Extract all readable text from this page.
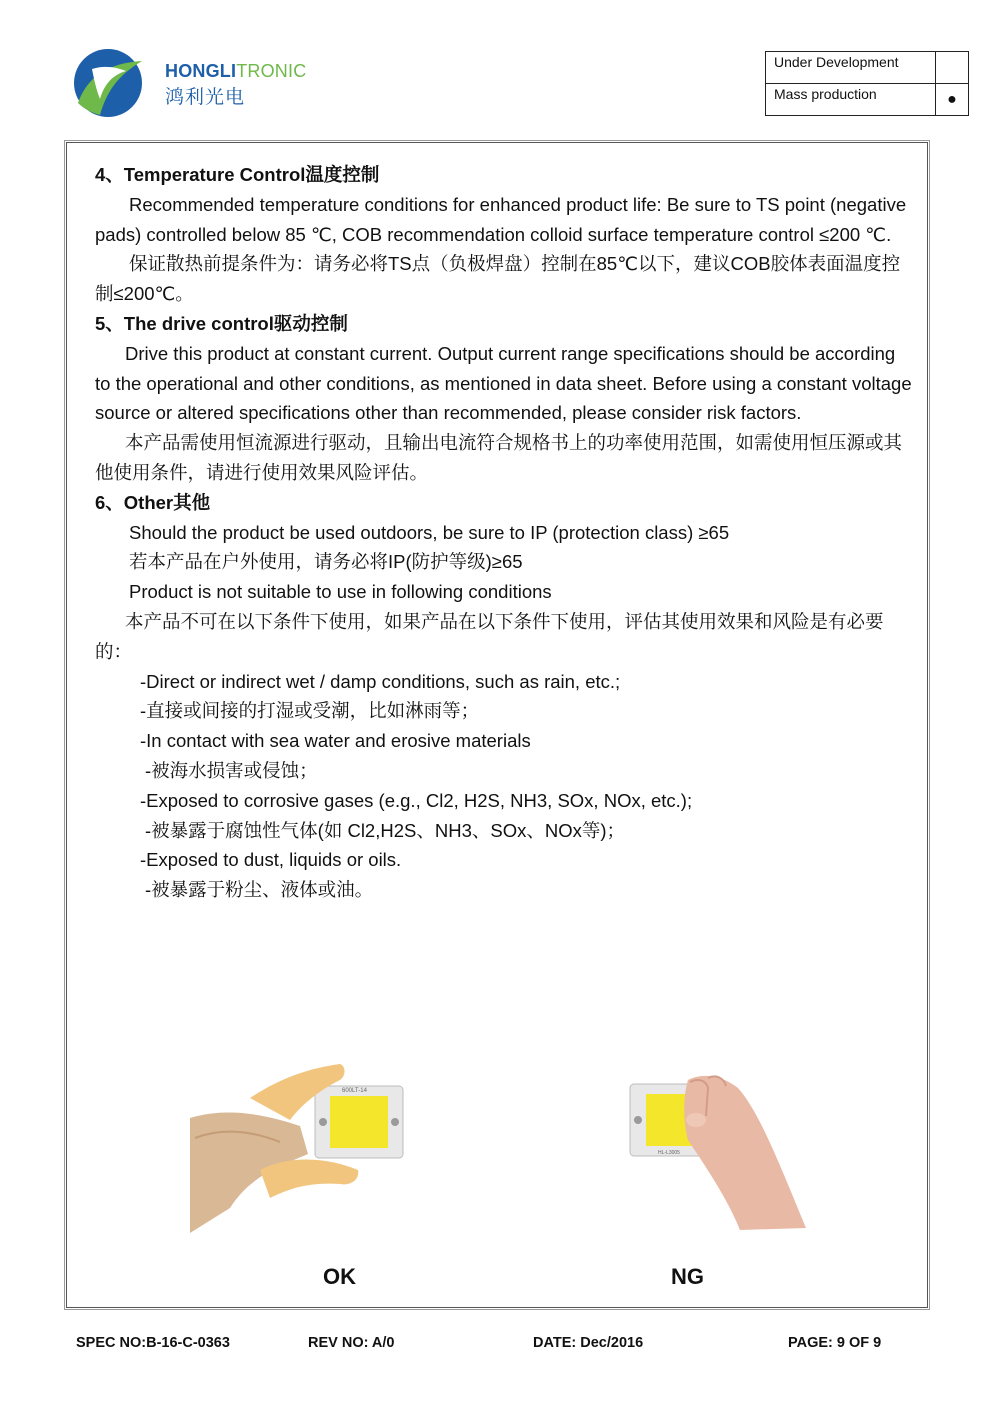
HONGLITRONIC
鸿利光电
Under Development	
Mass production	●

4、Temperature Control温度控制

Recommended temperature conditions for enhanced product life: Be sure to TS point (negative pads) controlled below 85 ℃, COB recommendation colloid surface temperature control ≤200 ℃.

保证散热前提条件为：请务必将TS点（负极焊盘）控制在85℃以下，建议COB胶体表面温度控制≤200℃。

5、The drive control驱动控制

Drive this product at constant current. Output current range specifications should be according to the operational and other conditions, as mentioned in data sheet. Before using a constant voltage source or altered specifications other than recommended, please consider risk factors.

本产品需使用恒流源进行驱动，且输出电流符合规格书上的功率使用范围，如需使用恒压源或其他使用条件，请进行使用效果风险评估。

6、Other其他

Should the product be used outdoors, be sure to IP (protection class) ≥65

若本产品在户外使用，请务必将IP(防护等级)≥65

Product is not suitable to use in following conditions

本产品不可在以下条件下使用，如果产品在以下条件下使用，评估其使用效果和风险是有必要的：

-Direct or indirect wet / damp conditions, such as rain, etc.;

-直接或间接的打湿或受潮，比如淋雨等；

-In contact with sea water and erosive materials

-被海水损害或侵蚀；

-Exposed to corrosive gases (e.g., Cl2, H2S, NH3, SOx, NOx, etc.);

-被暴露于腐蚀性气体(如 Cl2,H2S、NH3、SOx、NOx等)；

-Exposed to dust, liquids or oils.

-被暴露于粉尘、液体或油。

600LT-14
OK
HL-L3005
NG
SPEC NO:B-16-C-0363	REV NO: A/0	DATE: Dec/2016	PAGE: 9 OF 9
